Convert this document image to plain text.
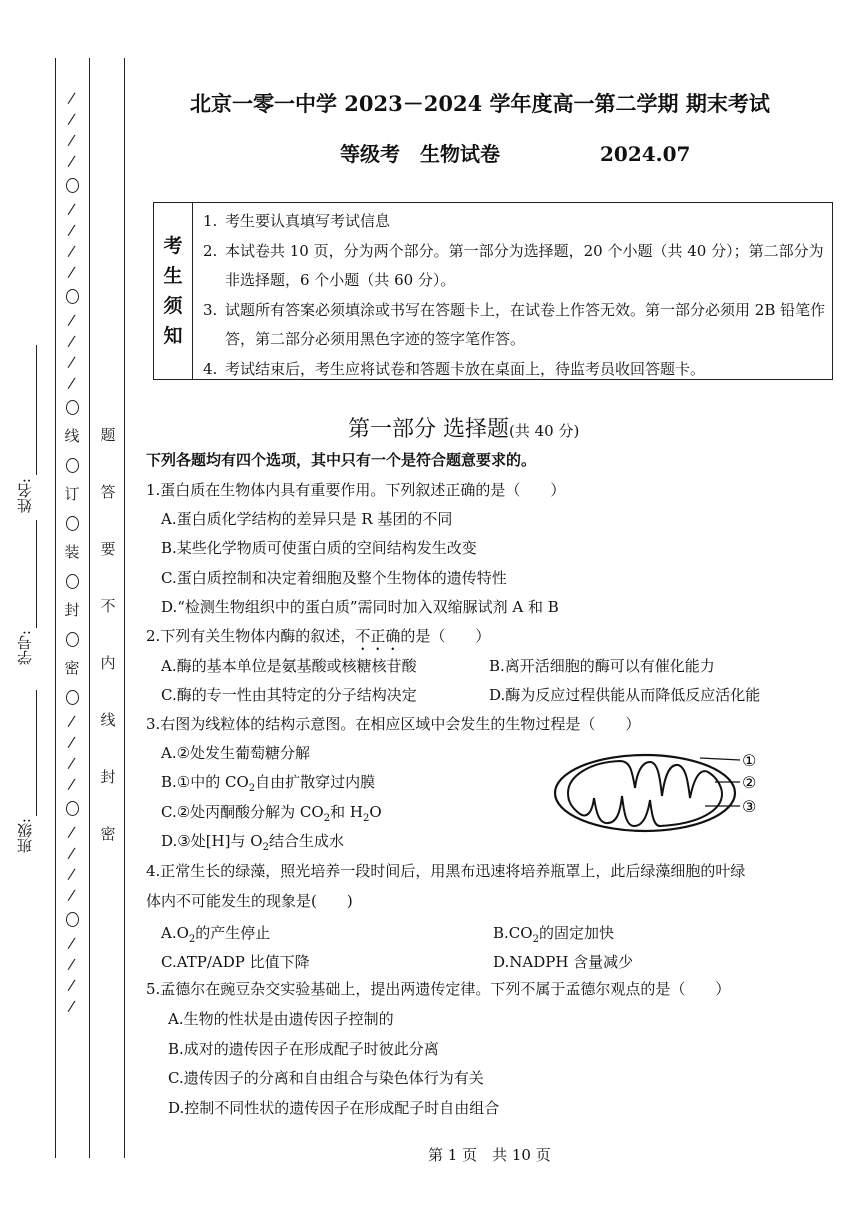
/
/
/
/
/
/
/
/
/
/
/
/
线
订
装
封
密
/
/
/
/
/
/
/
/
/
/
/
/
题
答
要
不
内
线
封
密
姓名:
学号:
班级:
北京一零一中学 2023－2024 学年度高一第二学期 期末考试
等级考　生物试卷	2024.07
考
生
须
知
1. 考生要认真填写考试信息
2. 本试卷共 10 页，分为两个部分。第一部分为选择题，20 个小题（共 40 分）；第二部分为非选择题，6 个小题（共 60 分）。
3. 试题所有答案必须填涂或书写在答题卡上，在试卷上作答无效。第一部分必须用 2B 铅笔作答，第二部分必须用黑色字迹的签字笔作答。
4. 考试结束后，考生应将试卷和答题卡放在桌面上，待监考员收回答题卡。
第一部分 选择题(共 40 分)
下列各题均有四个选项，其中只有一个是符合题意要求的。
1.蛋白质在生物体内具有重要作用。下列叙述正确的是（　　）
A.蛋白质化学结构的差异只是 R 基团的不同
B.某些化学物质可使蛋白质的空间结构发生改变
C.蛋白质控制和决定着细胞及整个生物体的遗传特性
D.“检测生物组织中的蛋白质”需同时加入双缩脲试剂 A 和 B
2.下列有关生物体内酶的叙述，不正确的是（　　）
A.酶的基本单位是氨基酸或核糖核苷酸	B.离开活细胞的酶可以有催化能力
C.酶的专一性由其特定的分子结构决定	D.酶为反应过程供能从而降低反应活化能
3.右图为线粒体的结构示意图。在相应区域中会发生的生物过程是（　　）
A.②处发生葡萄糖分解
B.①中的 $CO_2$自由扩散穿过内膜
C.②处丙酮酸分解为 $CO_2$和 $H_2O$
D.③处[H]与 $O_2$结合生成水
①
②
③
4.正常生长的绿藻，照光培养一段时间后，用黑布迅速将培养瓶罩上，此后绿藻细胞的叶绿
体内不可能发生的现象是(　　)
$A.O_2$的产生停止	$B.CO_2$的固定加快
C.ATP/ADP 比值下降	D.NADPH 含量减少
5.孟德尔在豌豆杂交实验基础上，提出两遗传定律。下列不属于孟德尔观点的是（　　）
A.生物的性状是由遗传因子控制的
B.成对的遗传因子在形成配子时彼此分离
C.遗传因子的分离和自由组合与染色体行为有关
D.控制不同性状的遗传因子在形成配子时自由组合
第 1 页　共 10 页
